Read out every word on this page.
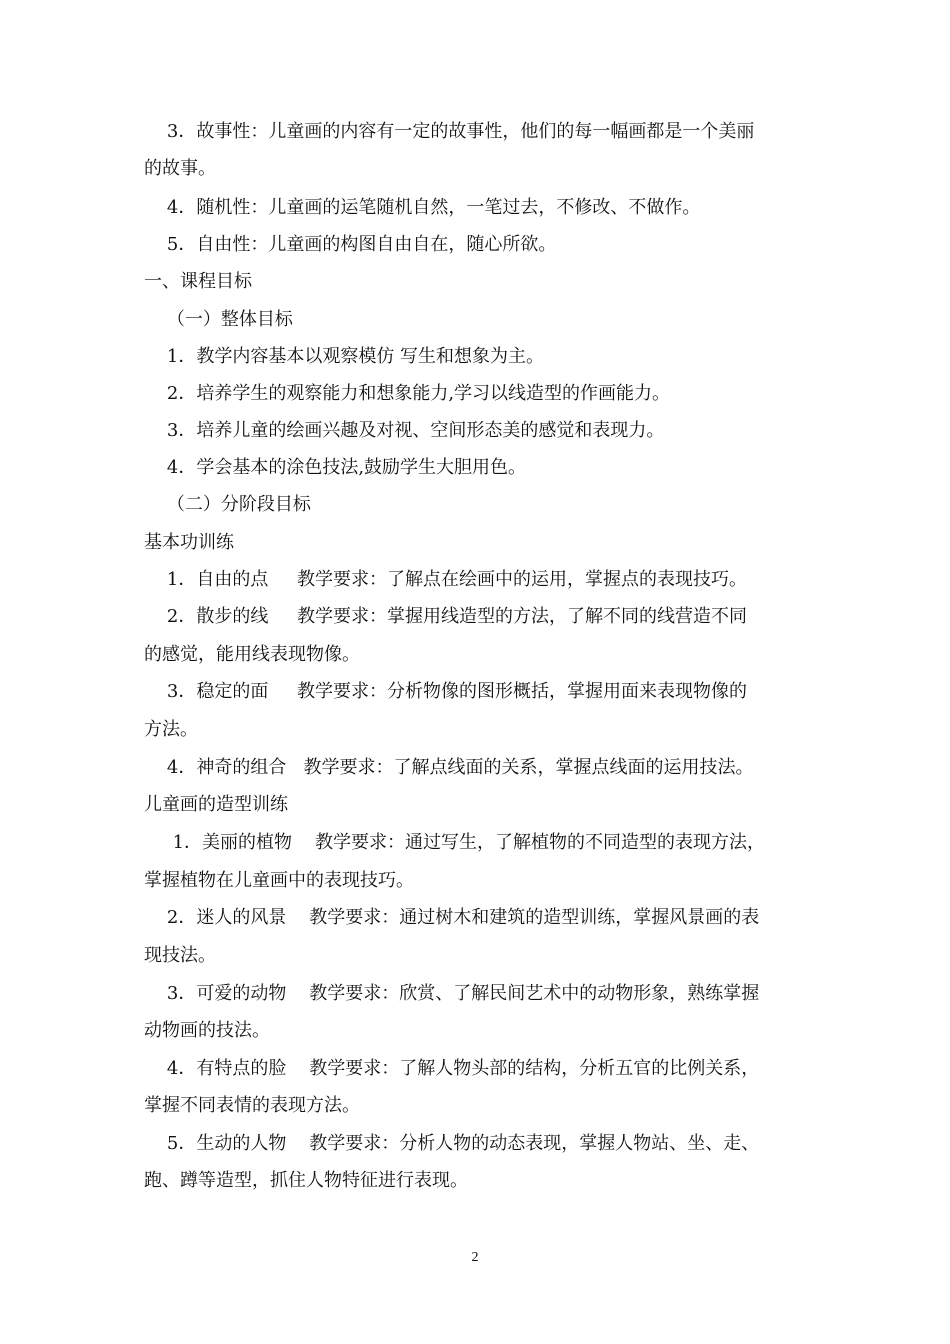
3．故事性：儿童画的内容有一定的故事性，他们的每一幅画都是一个美丽

的故事。

4．随机性：儿童画的运笔随机自然，一笔过去，不修改、不做作。

5．自由性：儿童画的构图自由自在，随心所欲。

一、课程目标

（一）整体目标

1．教学内容基本以观察模仿 写生和想象为主。

2．培养学生的观察能力和想象能力,学习以线造型的作画能力。

3．培养儿童的绘画兴趣及对视、空间形态美的感觉和表现力。

4．学会基本的涂色技法,鼓励学生大胆用色。

（二）分阶段目标

基本功训练

1．自由的点     教学要求：了解点在绘画中的运用，掌握点的表现技巧。

2．散步的线     教学要求：掌握用线造型的方法，了解不同的线营造不同

的感觉，能用线表现物像。

3．稳定的面     教学要求：分析物像的图形概括，掌握用面来表现物像的

方法。

4．神奇的组合   教学要求：了解点线面的关系，掌握点线面的运用技法。

儿童画的造型训练

1．美丽的植物    教学要求：通过写生，了解植物的不同造型的表现方法，

掌握植物在儿童画中的表现技巧。

2．迷人的风景    教学要求：通过树木和建筑的造型训练，掌握风景画的表

现技法。

3．可爱的动物    教学要求：欣赏、了解民间艺术中的动物形象，熟练掌握

动物画的技法。

4．有特点的脸    教学要求：了解人物头部的结构，分析五官的比例关系，

掌握不同表情的表现方法。

5．生动的人物    教学要求：分析人物的动态表现，掌握人物站、坐、走、

跑、蹲等造型，抓住人物特征进行表现。

2
